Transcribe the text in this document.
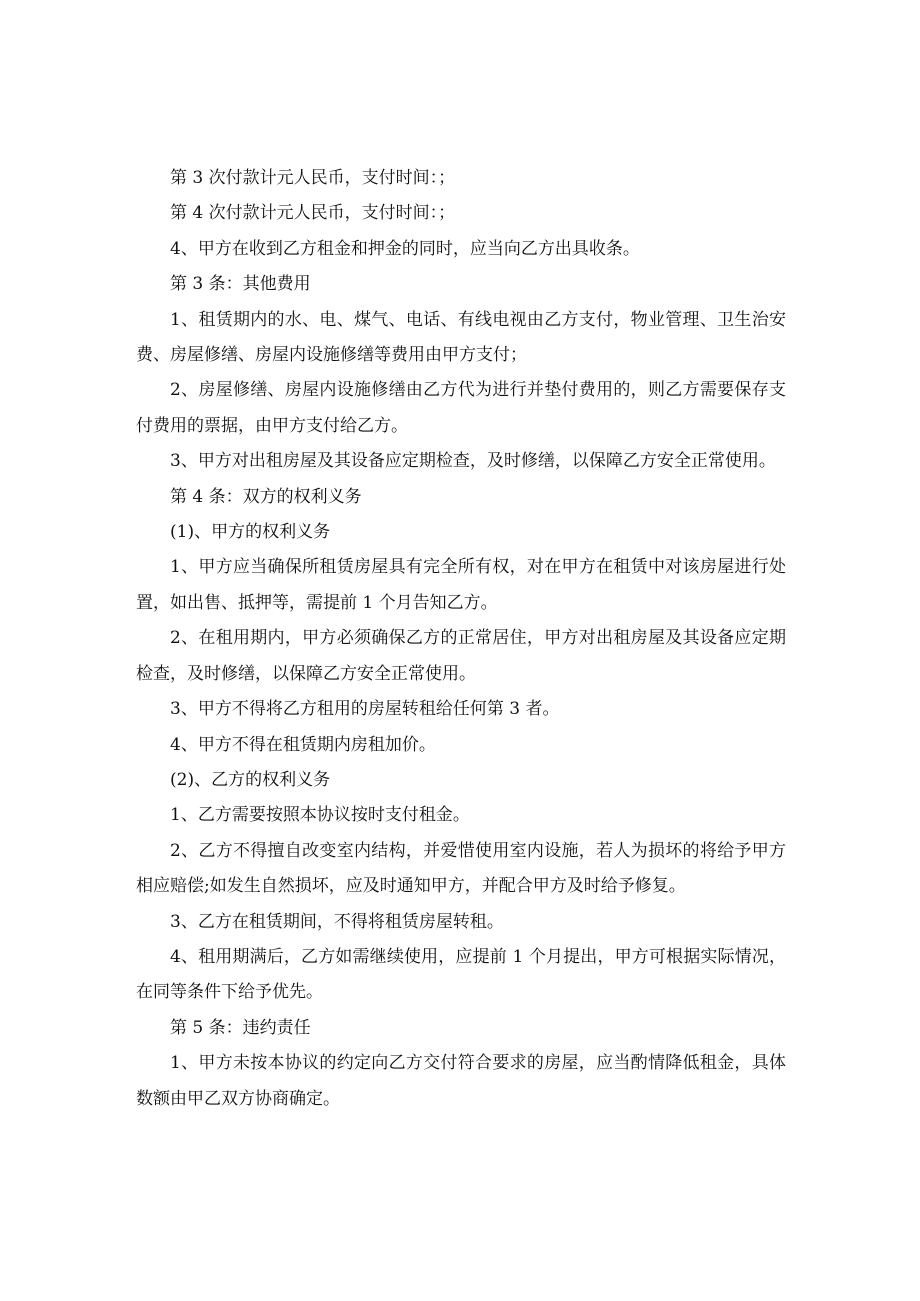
第 3 次付款计元人民币，支付时间：；

第 4 次付款计元人民币，支付时间：；

4、甲方在收到乙方租金和押金的同时，应当向乙方出具收条。

第 3 条：其他费用

1、租赁期内的水、电、煤气、电话、有线电视由乙方支付，物业管理、卫生治安费、房屋修缮、房屋内设施修缮等费用由甲方支付；

2、房屋修缮、房屋内设施修缮由乙方代为进行并垫付费用的，则乙方需要保存支付费用的票据，由甲方支付给乙方。

3、甲方对出租房屋及其设备应定期检查，及时修缮，以保障乙方安全正常使用。

第 4 条：双方的权利义务

(1)、甲方的权利义务

1、甲方应当确保所租赁房屋具有完全所有权，对在甲方在租赁中对该房屋进行处置，如出售、抵押等，需提前 1 个月告知乙方。

2、在租用期内，甲方必须确保乙方的正常居住，甲方对出租房屋及其设备应定期检查，及时修缮，以保障乙方安全正常使用。

3、甲方不得将乙方租用的房屋转租给任何第 3 者。

4、甲方不得在租赁期内房租加价。

(2)、乙方的权利义务

1、乙方需要按照本协议按时支付租金。

2、乙方不得擅自改变室内结构，并爱惜使用室内设施，若人为损坏的将给予甲方相应赔偿;如发生自然损坏，应及时通知甲方，并配合甲方及时给予修复。

3、乙方在租赁期间，不得将租赁房屋转租。

4、租用期满后，乙方如需继续使用，应提前 1 个月提出，甲方可根据实际情况，在同等条件下给予优先。

第 5 条：违约责任

1、甲方未按本协议的约定向乙方交付符合要求的房屋，应当酌情降低租金，具体数额由甲乙双方协商确定。
